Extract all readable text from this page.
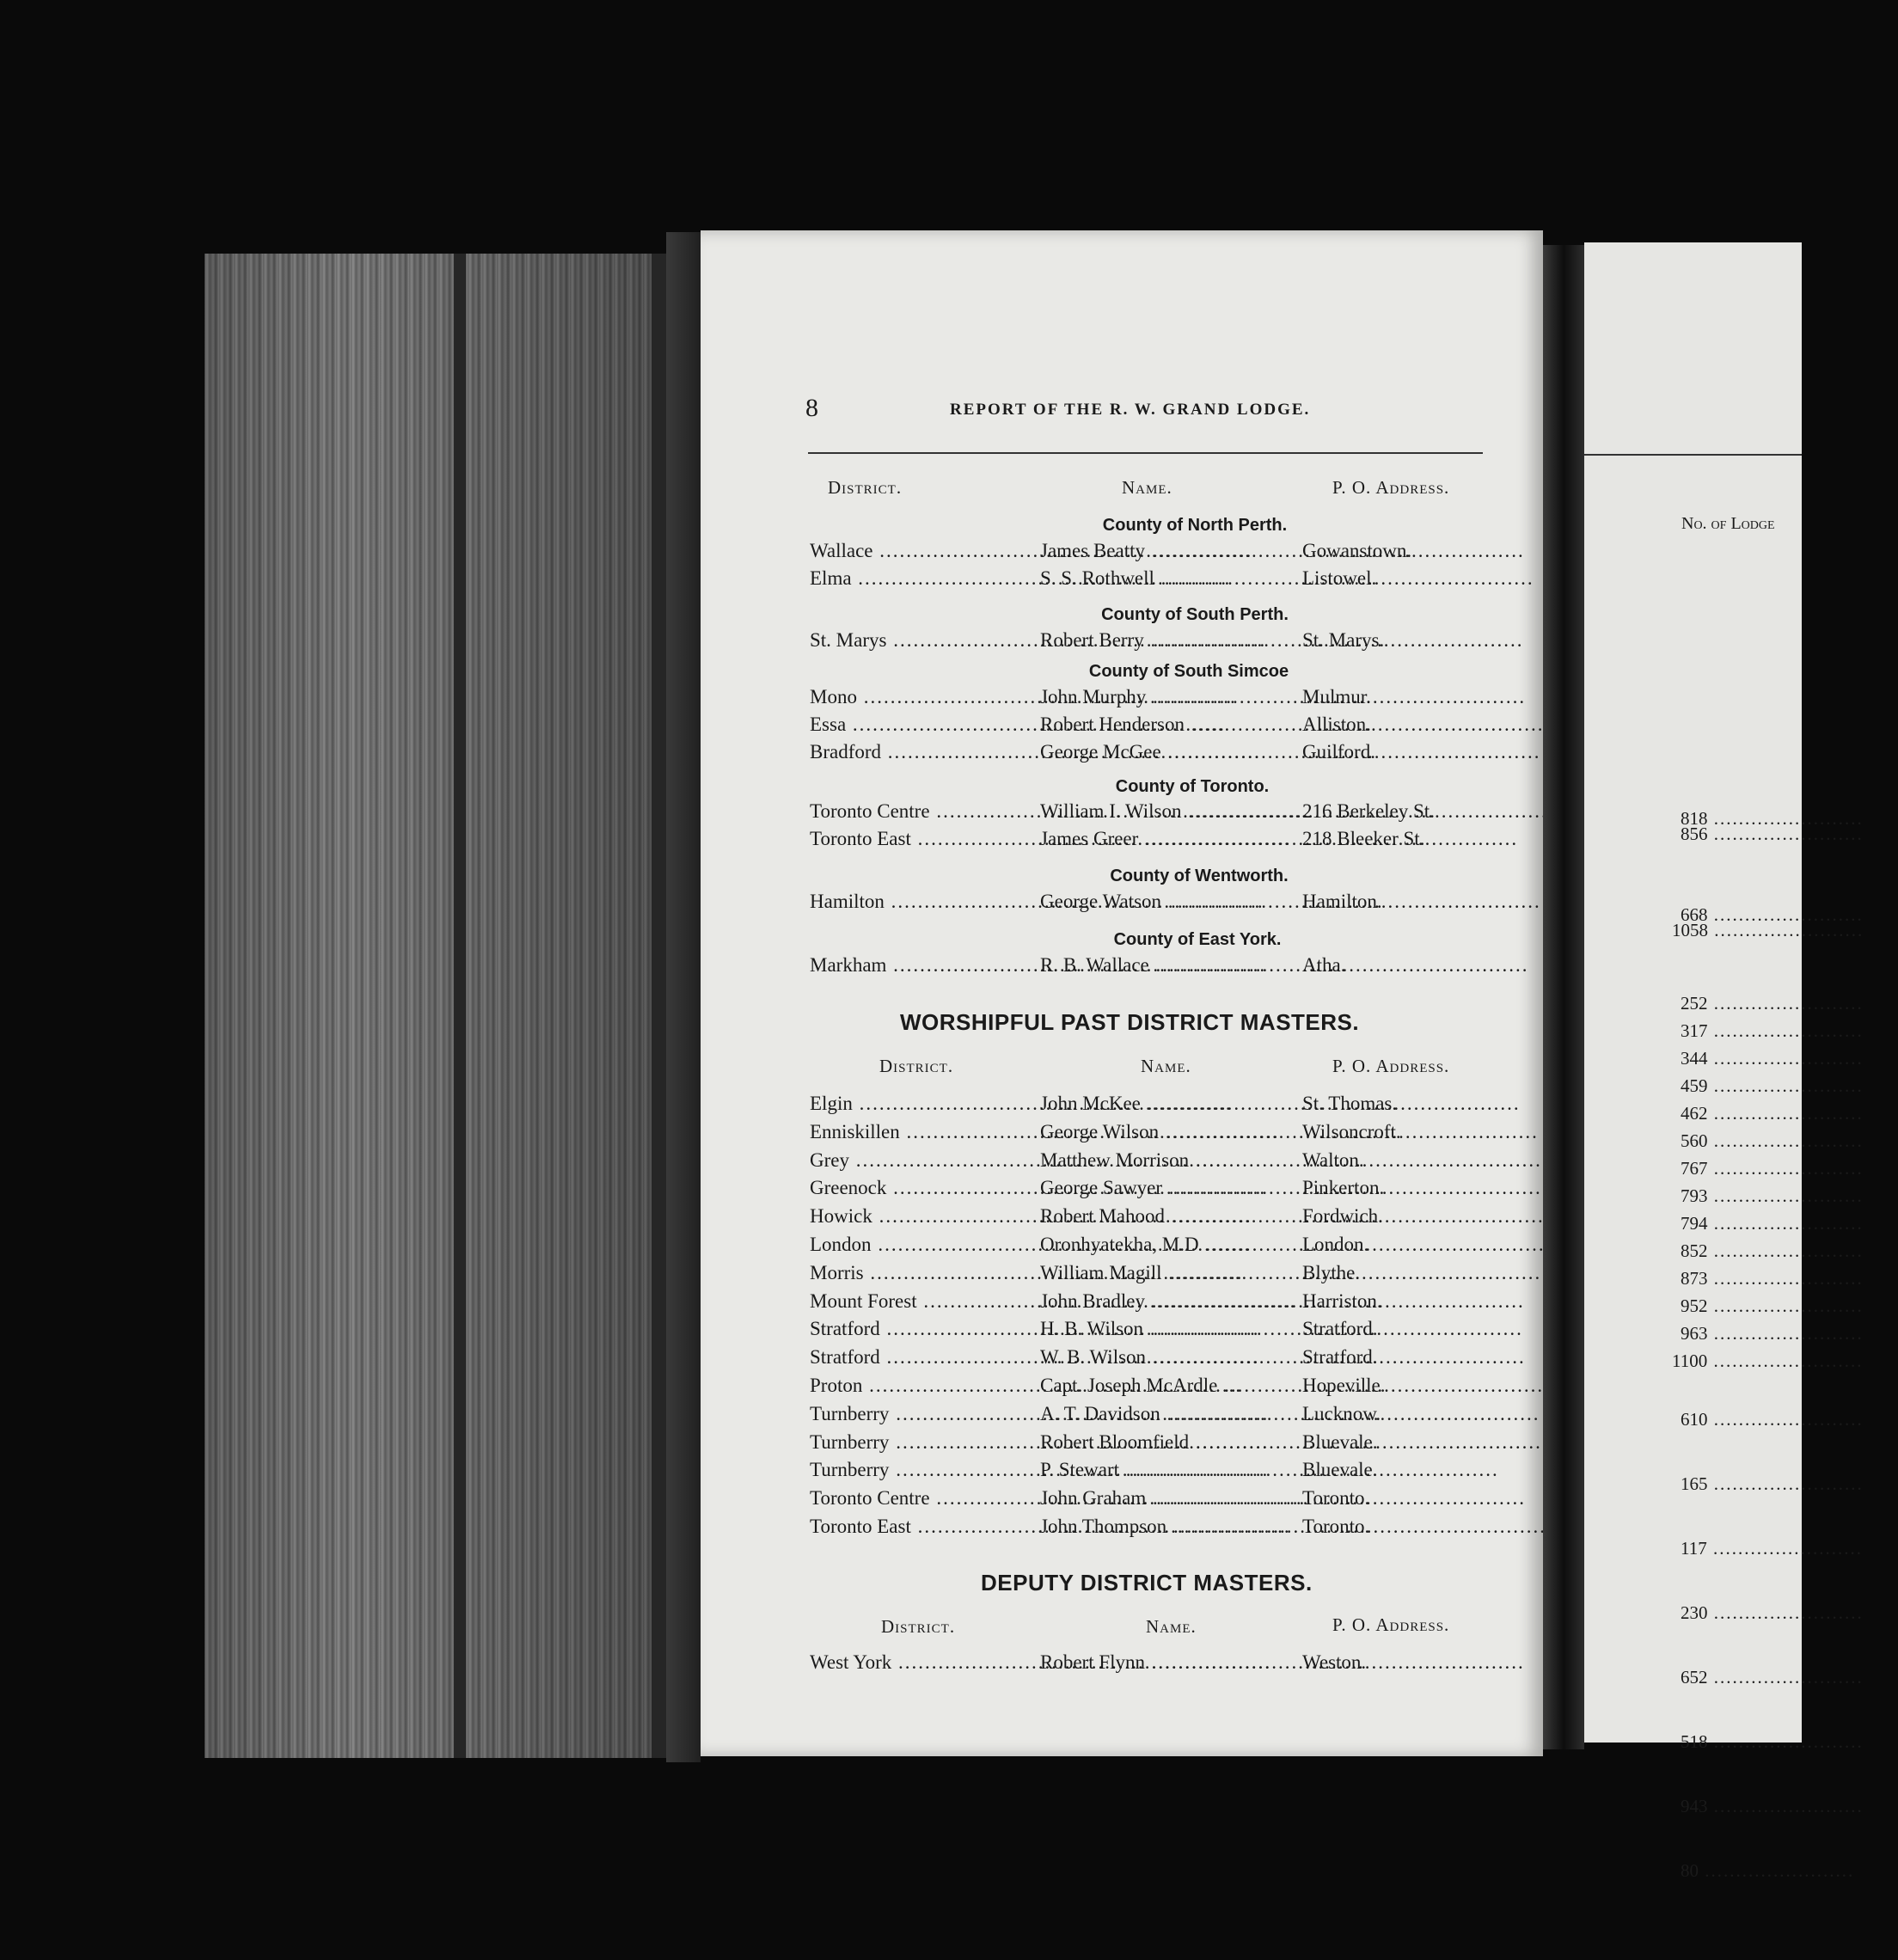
8	REPORT OF THE R. W. GRAND LODGE.
District.	Name.	P. O. Address.
County of North Perth.
Wallace .....	James Beatty .....	Gowanstown.
Elma .....	S. S. Rothwell .....	Listowel.
County of South Perth.
St. Marys .....	Robert Berry .....	St. Marys.
County of South Simcoe
Mono .....	John Murphy .....	Mulmur.
Essa .....	Robert Henderson .....	Alliston.
Bradford .....	George McGee .....	Guilford.
County of Toronto.
Toronto Centre .....	William I. Wilson .....	216 Berkeley St.
Toronto East .....	James Greer .....	218 Bleeker St.
County of Wentworth.
Hamilton .....	George Watson .....	Hamilton.
County of East York.
Markham .....	R. B. Wallace .....	Atha.
WORSHIPFUL PAST DISTRICT MASTERS.
District.	Name.	P. O. Address.
Elgin .....	John McKee .....	St. Thomas.
Enniskillen .....	George Wilson .....	Wilsoncroft.
Grey .....	Matthew Morrison .....	Walton.
Greenock .....	George Sawyer .....	Pinkerton.
Howick .....	Robert Mahood .....	Fordwich.
London .....	Oronhyatekha, M.D .....	London.
Morris .....	William Magill .....	Blythe.
Mount Forest .....	John Bradley .....	Harriston.
Stratford .....	H. B. Wilson .....	Stratford.
Stratford .....	W. B. Wilson .....	Stratford.
Proton .....	Capt. Joseph McArdle .....	Hopeville.
Turnberry .....	A. T. Davidson .....	Lucknow.
Turnberry .....	Robert Bloomfield .....	Bluevale.
Turnberry .....	P. Stewart .....	Bluevale.
Toronto Centre .....	John Graham .....	Toronto.
Toronto East .....	John Thompson .....	Toronto.
DEPUTY DISTRICT MASTERS.
District.	Name.	P. O. Address.
West York .....	Robert Flynn .....	Weston.
No. of Lodge
818 .....
856 .....
668 .....
1058 .....
252 .....
317 .....
344 .....
459 .....
462 .....
560 .....
767 .....
793 .....
794 .....
852 .....
873 .....
952 .....
963 .....
1100 .....
610 .....
165 .....
117 .....
230 .....
652 .....
518 .....
943 .....
80 .....
